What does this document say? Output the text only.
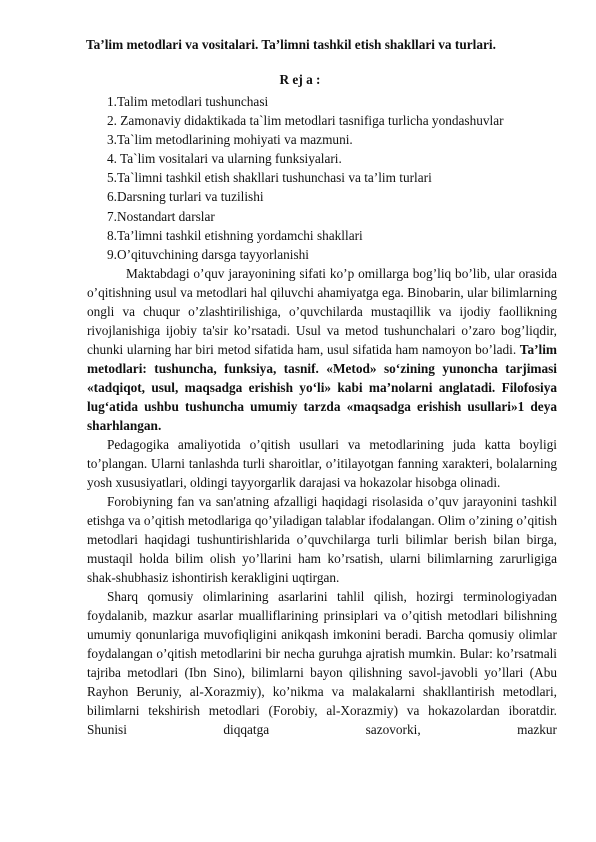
Ta’lim metodlari va vositalari. Ta’limni tashkil etish shakllari va turlari.
R ej a :
1.Talim metodlari tushunchasi
2. Zamonaviy didaktikada ta`lim metodlari tasnifiga turlicha yondashuvlar
3.Ta`lim metodlarining mohiyati va mazmuni.
4. Ta`lim vositalari va ularning funksiyalari.
5.Ta`limni tashkil etish shakllari tushunchasi va ta’lim turlari
6.Darsning turlari va tuzilishi
7.Nostandart darslar
8.Ta’limni tashkil etishning yordamchi shakllari
9.O’qituvchining darsga tayyorlanishi

Maktabdagi o’quv jarayonining sifati ko’p omillarga bog’liq bo’lib, ular orasida o’qitishning usul va metodlari hal qiluvchi ahamiyatga ega. Binobarin, ular bilimlarning ongli va chuqur o’zlashtirilishiga, o’quvchilarda mustaqillik va ijodiy faollikning rivojlanishiga ijobiy ta'sir ko’rsatadi. Usul va metod tushunchalari o’zaro bog’liqdir, chunki ularning har biri metod sifatida ham, usul sifatida ham namoyon bo’ladi. Ta’lim metodlari: tushuncha, funksiya, tasnif. «Metod» so‘zining yunoncha tarjimasi «tadqiqot, usul, maqsadga erishish yo‘li» kabi ma’nolarni anglatadi. Filofosiya lug‘atida ushbu tushuncha umumiy tarzda «maqsadga erishish usullari»1 deya sharhlangan.

Pedagogika amaliyotida o’qitish usullari va metodlarining juda katta boyligi to’plangan. Ularni tanlashda turli sharoitlar, o’itilayotgan fanning xarakteri, bolalarning yosh xususiyatlari, oldingi tayyorgarlik darajasi va hokazolar hisobga olinadi.

Forobiyning fan va san'atning afzalligi haqidagi risolasida o’quv jarayonini tashkil etishga va o’qitish metodlariga qo’yiladigan talablar ifodalangan. Olim o’zining o’qitish metodlari haqidagi tushuntirishlarida o’quvchilarga turli bilimlar berish bilan birga, mustaqil holda bilim olish yo’llarini ham ko’rsatish, ularni bilimlarning zarurligiga shak-shubhasiz ishontirish kerakligini uqtirgan.

Sharq qomusiy olimlarining asarlarini tahlil qilish, hozirgi terminologiyadan foydalanib, mazkur asarlar mualliflarining prinsiplari va o’qitish metodlari bilishning umumiy qonunlariga muvofiqligini anikqash imkonini beradi. Barcha qomusiy olimlar foydalangan o’qitish metodlarini bir necha guruhga ajratish mumkin. Bular: ko’rsatmali tajriba metodlari (Ibn Sino), bilimlarni bayon qilishning savol-javobli yo’llari (Abu Rayhon Beruniy, al-Xorazmiy), ko’nikma va malakalarni shakllantirish metodlari, bilimlarni tekshirish metodlari (Forobiy, al-Xorazmiy) va hokazolardan iboratdir. Shunisi diqqatga sazovorki, mazkur
